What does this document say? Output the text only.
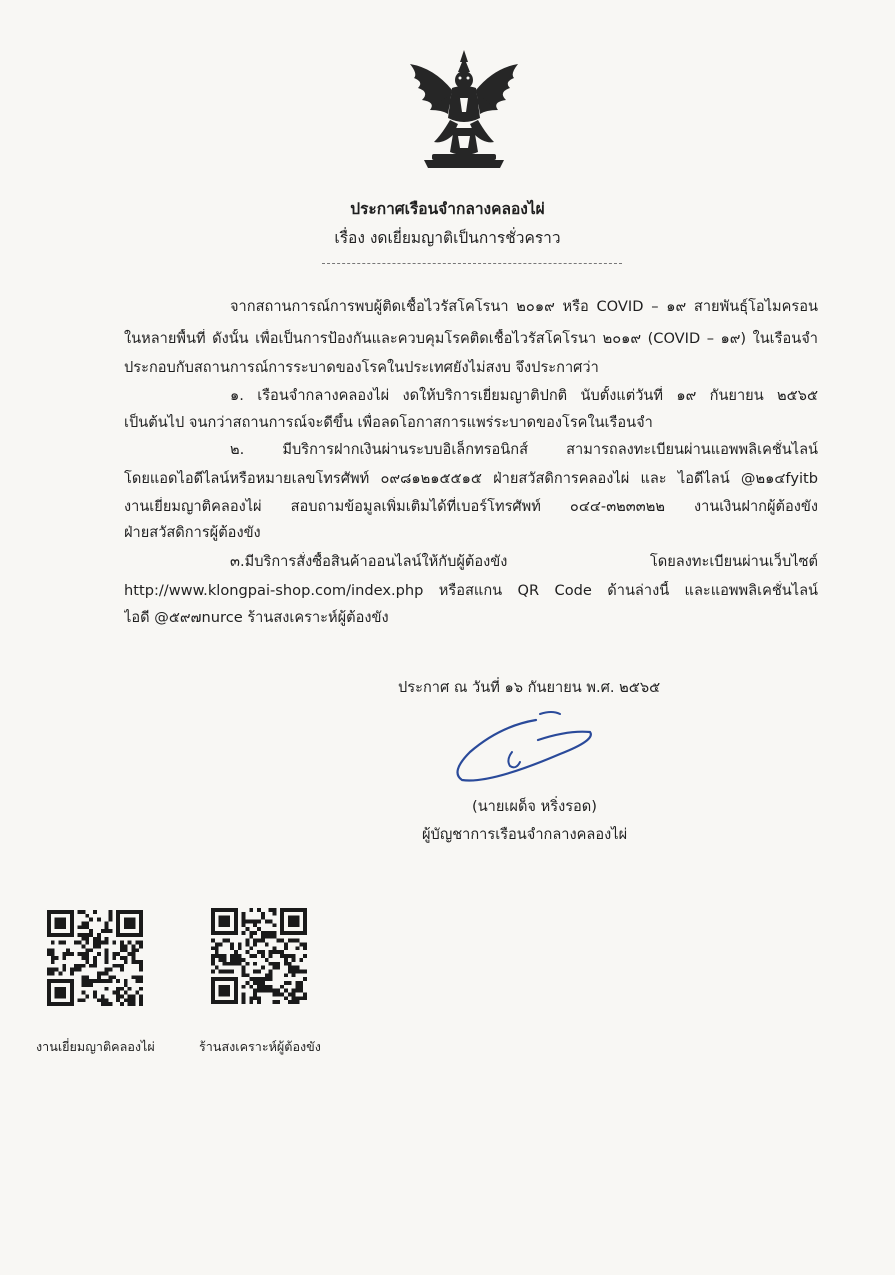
ประกาศเรือนจำกลางคลองไผ่
เรื่อง งดเยี่ยมญาติเป็นการชั่วคราว
จากสถานการณ์การพบผู้ติดเชื้อไวรัสโคโรนา ๒๐๑๙ หรือ COVID – ๑๙ สายพันธุ์โอไมครอน
ในหลายพื้นที่ ดังนั้น เพื่อเป็นการป้องกันและควบคุมโรคติดเชื้อไวรัสโคโรนา ๒๐๑๙ (COVID – ๑๙) ในเรือนจำ
ประกอบกับสถานการณ์การระบาดของโรคในประเทศยังไม่สงบ จึงประกาศว่า
๑. เรือนจำกลางคลองไผ่ งดให้บริการเยี่ยมญาติปกติ นับตั้งแต่วันที่ ๑๙ กันยายน ๒๕๖๕
เป็นต้นไป จนกว่าสถานการณ์จะดีขึ้น เพื่อลดโอกาสการแพร่ระบาดของโรคในเรือนจำ
๒. มีบริการฝากเงินผ่านระบบอิเล็กทรอนิกส์ สามารถลงทะเบียนผ่านแอพพลิเคชั่นไลน์
โดยแอดไอดีไลน์หรือหมายเลขโทรศัพท์ ๐๙๘๑๒๑๕๕๑๕ ฝ่ายสวัสดิการคลองไผ่ และ ไอดีไลน์ @๒๑๔fyitb
งานเยี่ยมญาติคลองไผ่ สอบถามข้อมูลเพิ่มเติมได้ที่เบอร์โทรศัพท์ ๐๔๔-๓๒๓๓๒๒ งานเงินฝากผู้ต้องขัง
ฝ่ายสวัสดิการผู้ต้องขัง
๓.มีบริการสั่งซื้อสินค้าออนไลน์ให้กับผู้ต้องขัง โดยลงทะเบียนผ่านเว็บไซต์
http://www.klongpai-shop.com/index.php หรือสแกน QR Code ด้านล่างนี้ และแอพพลิเคชั่นไลน์
ไอดี @๕๙๗nurce ร้านสงเคราะห์ผู้ต้องขัง
ประกาศ ณ วันที่ ๑๖ กันยายน พ.ศ. ๒๕๖๕
(นายเผด็จ หริ่งรอด)
ผู้บัญชาการเรือนจำกลางคลองไผ่
งานเยี่ยมญาติคลองไผ่	ร้านสงเคราะห์ผู้ต้องขัง
